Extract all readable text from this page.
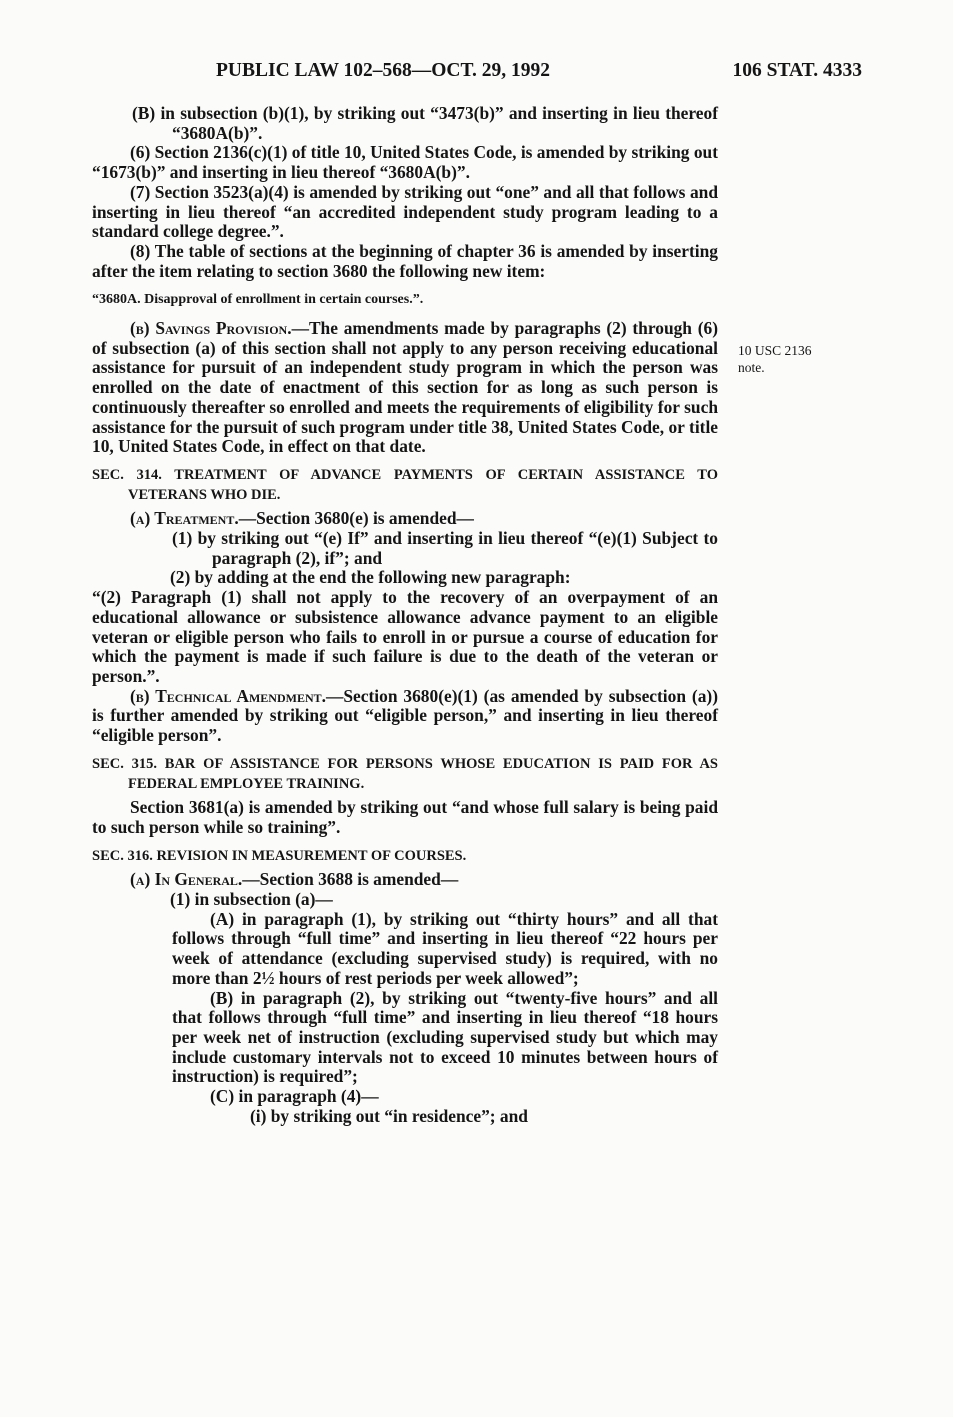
PUBLIC LAW 102–568—OCT. 29, 1992	106 STAT. 4333
10 USC 2136
note.

(B) in subsection (b)(1), by striking out “3473(b)” and inserting in lieu thereof “3680A(b)”.

(6) Section 2136(c)(1) of title 10, United States Code, is amended by striking out “1673(b)” and inserting in lieu thereof “3680A(b)”.

(7) Section 3523(a)(4) is amended by striking out “one” and all that follows and inserting in lieu thereof “an accredited independent study program leading to a standard college degree.”.

(8) The table of sections at the beginning of chapter 36 is amended by inserting after the item relating to section 3680 the following new item:

“3680A. Disapproval of enrollment in certain courses.”.

(b) Savings Provision.—The amendments made by paragraphs (2) through (6) of subsection (a) of this section shall not apply to any person receiving educational assistance for pursuit of an independent study program in which the person was enrolled on the date of enactment of this section for as long as such person is continuously thereafter so enrolled and meets the requirements of eligibility for such assistance for the pursuit of such program under title 38, United States Code, or title 10, United States Code, in effect on that date.

SEC. 314. TREATMENT OF ADVANCE PAYMENTS OF CERTAIN ASSISTANCE TO VETERANS WHO DIE.

(a) Treatment.—Section 3680(e) is amended—

(1) by striking out “(e) If” and inserting in lieu thereof “(e)(1) Subject to paragraph (2), if”; and

(2) by adding at the end the following new paragraph:

“(2) Paragraph (1) shall not apply to the recovery of an overpayment of an educational allowance or subsistence allowance advance payment to an eligible veteran or eligible person who fails to enroll in or pursue a course of education for which the payment is made if such failure is due to the death of the veteran or person.”.

(b) Technical Amendment.—Section 3680(e)(1) (as amended by subsection (a)) is further amended by striking out “eligible person,” and inserting in lieu thereof “eligible person”.

SEC. 315. BAR OF ASSISTANCE FOR PERSONS WHOSE EDUCATION IS PAID FOR AS FEDERAL EMPLOYEE TRAINING.

Section 3681(a) is amended by striking out “and whose full salary is being paid to such person while so training”.

SEC. 316. REVISION IN MEASUREMENT OF COURSES.

(a) In General.—Section 3688 is amended—

(1) in subsection (a)—

(A) in paragraph (1), by striking out “thirty hours” and all that follows through “full time” and inserting in lieu thereof “22 hours per week of attendance (excluding supervised study) is required, with no more than 2½ hours of rest periods per week allowed”;

(B) in paragraph (2), by striking out “twenty-five hours” and all that follows through “full time” and inserting in lieu thereof “18 hours per week net of instruction (excluding supervised study but which may include customary intervals not to exceed 10 minutes between hours of instruction) is required”;

(C) in paragraph (4)—

(i) by striking out “in residence”; and
